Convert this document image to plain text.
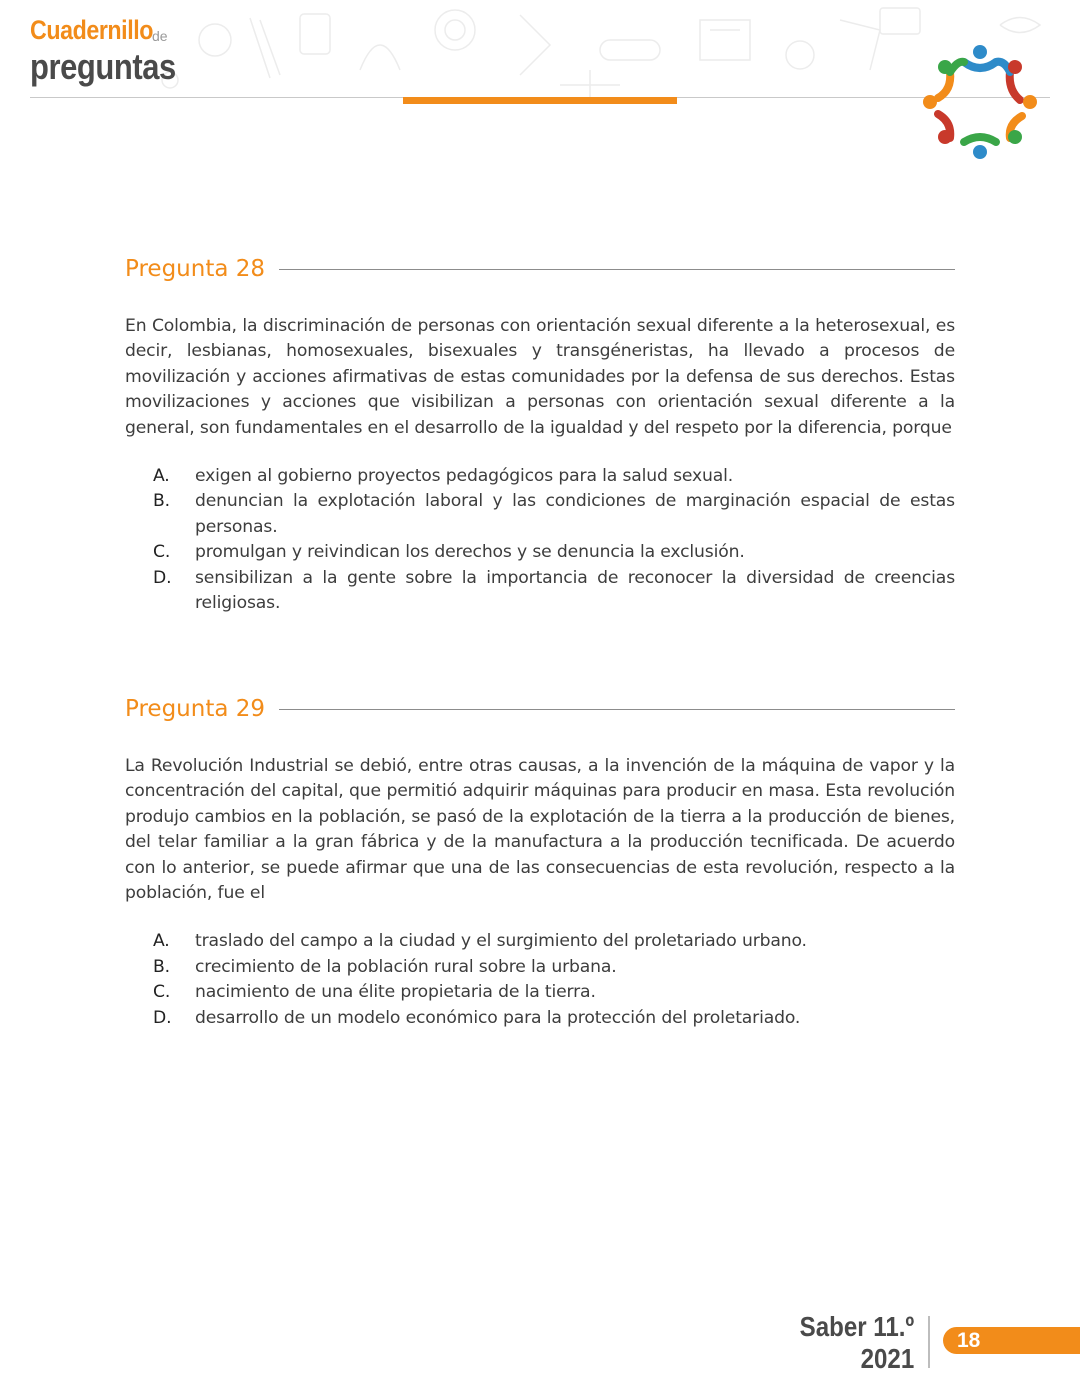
Cuadernillo de
preguntas
Pregunta 28

En Colombia, la discriminación de personas con orientación sexual diferente a la heterosexual, es decir, lesbianas, homosexuales, bisexuales y transgéneristas, ha llevado a procesos de movilización y acciones afirmativas de estas comunidades por la defensa de sus derechos. Estas movilizaciones y acciones que visibilizan a personas con orientación sexual diferente a la general, son fundamentales en el desarrollo de la igualdad y del respeto por la diferencia, porque

A.	exigen al gobierno proyectos pedagógicos para la salud sexual.
B.	denuncian la explotación laboral y las condiciones de marginación espacial de estas personas.
C.	promulgan y reivindican los derechos y se denuncia la exclusión.
D.	sensibilizan a la gente sobre la importancia de reconocer la diversidad de creencias religiosas.
Pregunta 29

La Revolución Industrial se debió, entre otras causas, a la invención de la máquina de vapor y la concentración del capital, que permitió adquirir máquinas para producir en masa. Esta revolución produjo cambios en la población, se pasó de la explotación de la tierra a la producción de bienes, del telar familiar a la gran fábrica y de la manufactura a la producción tecnificada. De acuerdo con lo anterior, se puede afirmar que una de las consecuencias de esta revolución, respecto a la población, fue el

A.	traslado del campo a la ciudad y el surgimiento del proletariado urbano.
B.	crecimiento de la población rural sobre la urbana.
C.	nacimiento de una élite propietaria de la tierra.
D.	desarrollo de un modelo económico para la protección del proletariado.
Saber 11.º
2021
18
